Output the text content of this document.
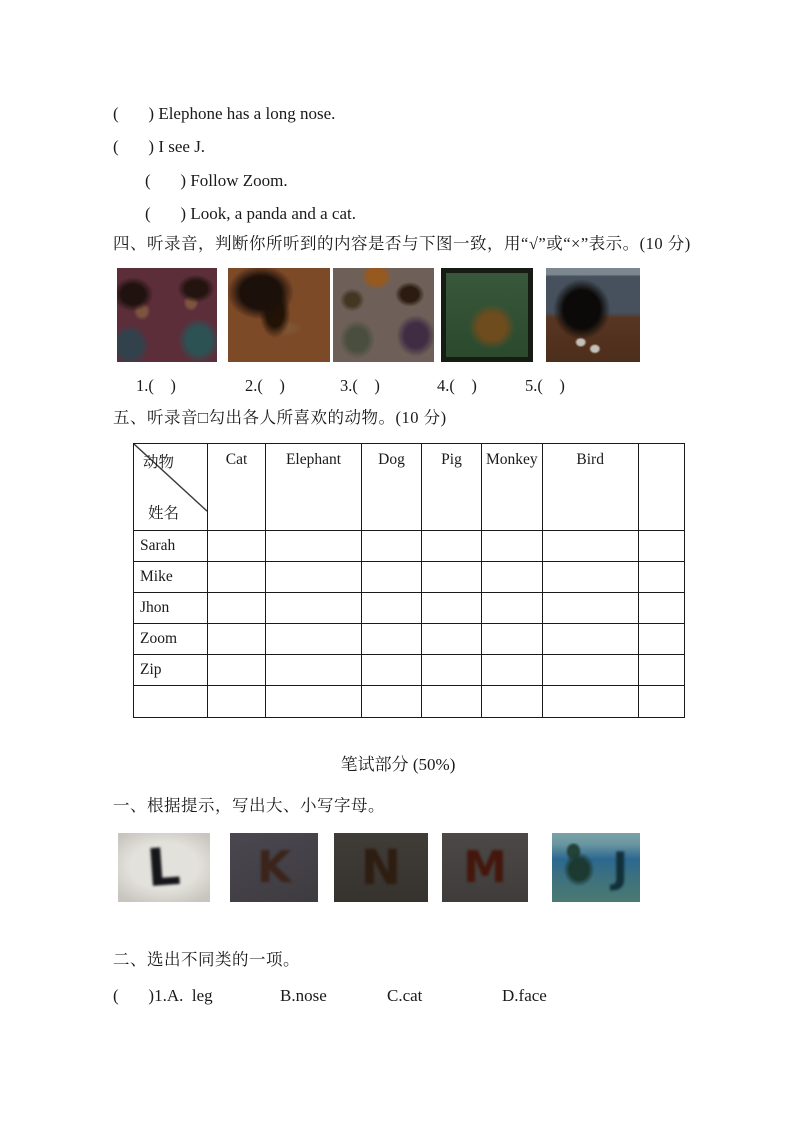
(       ) Elephone has a long nose.
(       ) I see J.
(       ) Follow Zoom.
(       ) Look, a panda and a cat.
四、听录音，判断你所听到的内容是否与下图一致，用“√”或“×”表示。(10 分)
1.(    )	2.(    )	3.(    )	4.(    )	5.(    )
五、听录音□勾出各人所喜欢的动物。(10 分)
动物
姓名	Cat	Elephant	Dog	Pig	Monkey	Bird	
Sarah							
Mike							
Jhon							
Zoom							
Zip							

笔试部分 (50%)
一、根据提示，写出大、小写字母。
L K N M	J
二、选出不同类的一项。
(       )1.A.  leg	B.nose	C.cat	D.face
